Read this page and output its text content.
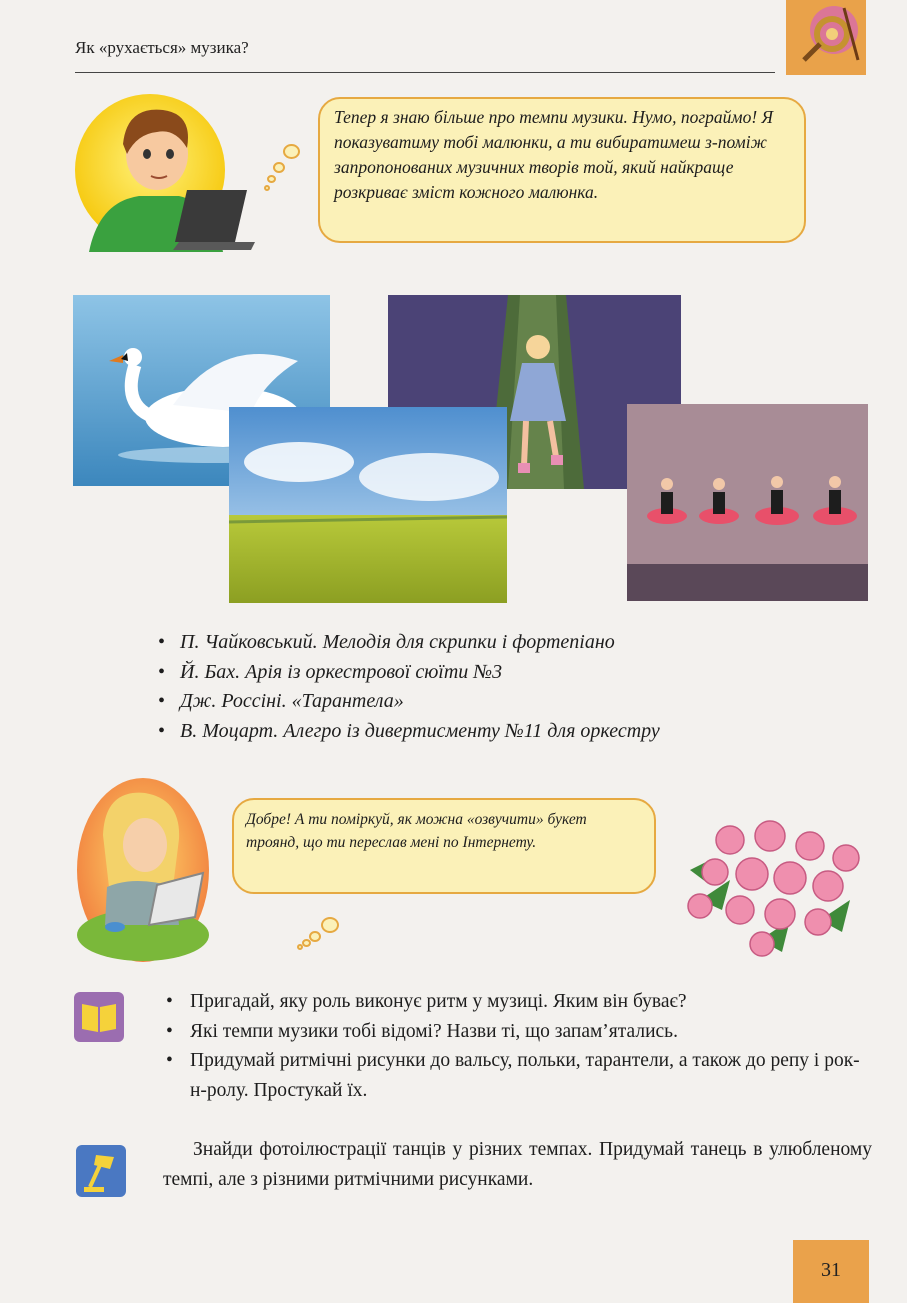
Як «рухається» музика?
Тепер я знаю більше про темпи музики. Нумо, пограймо! Я показуватиму тобі малюнки, а ти вибиратимеш з-поміж запропонованих музичних творів той, який найкраще розкриває зміст кожного малюнка.
• П. Чайковський. Мелодія для скрипки і фортепіано
• Й. Бах. Арія із оркестрової сюїти №3
• Дж. Россіні. «Тарантела»
• В. Моцарт. Алегро із дивертисменту №11 для оркестру
Добре! А ти поміркуй, як можна «озвучити» букет троянд, що ти переслав мені по Інтернету.
• Пригадай, яку роль виконує ритм у музиці. Яким він буває?
• Які темпи музики тобі відомі? Назви ті, що запам’ятались.
• Придумай ритмічні рисунки до вальсу, польки, тарантели, а також до репу і рок-н-ролу. Простукай їх.

Знайди фотоілюстрації танців у різних темпах. Придумай танець в улюбленому темпі, але з різними ритмічними рисунками.

31
